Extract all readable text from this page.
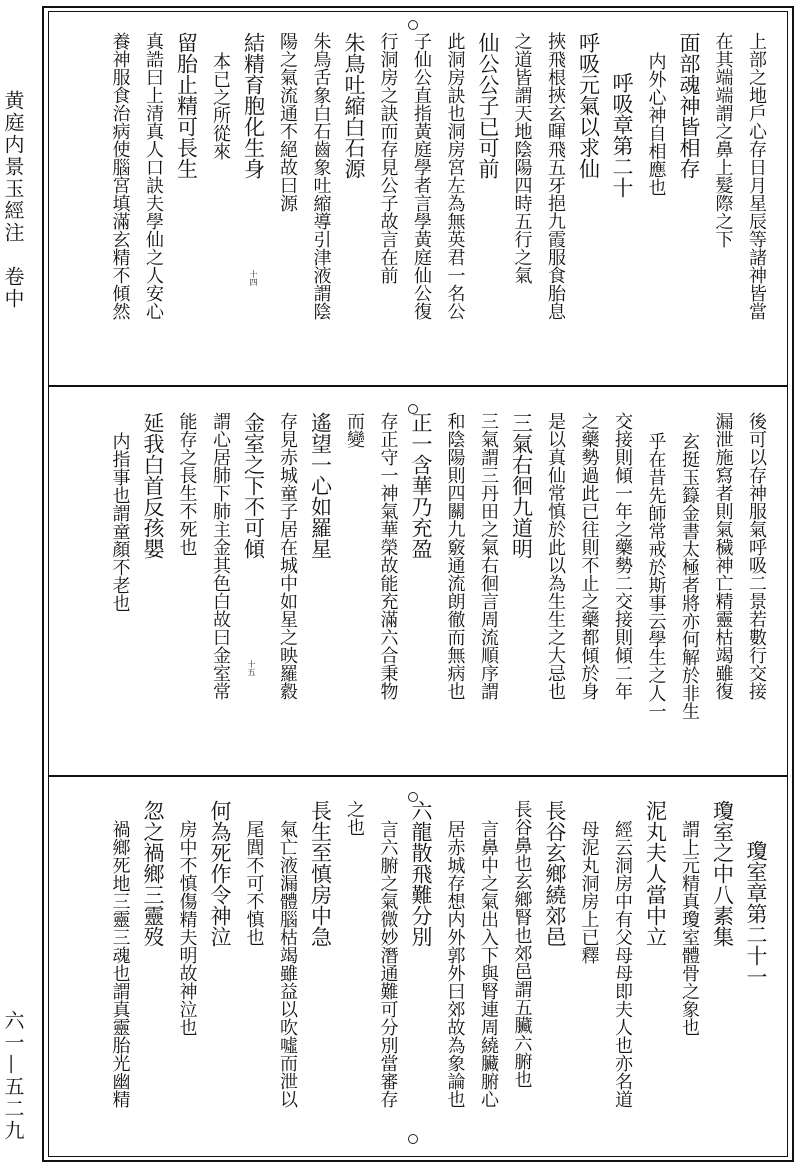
黄庭内景玉經注　卷中
六一—五二九
十四
十五
上部之地戶心存日月星辰等諸神皆當
在其端端謂之鼻上髮際之下
面部魂神皆相存
内外心神自相應也
呼吸章第二十
呼吸元氣以求仙
挾飛根挾玄暉飛五牙挹九霞服食胎息
之道皆謂天地陰陽四時五行之氣
仙公公子已可前
此洞房訣也洞房宮左為無英君一名公
子仙公直指黃庭學者言學黃庭仙公復
行洞房之訣而存見公子故言在前
朱鳥吐縮白石源
朱鳥舌象白石齒象吐縮導引津液謂陰
陽之氣流通不絕故曰源
結精育胞化生身
本已之所從來
留胎止精可長生
真誥曰上清真人口訣夫學仙之人安心
養神服食治病使腦宮填滿玄精不傾然
後可以存神服氣呼吸二景若數行交接
漏泄施寫者則氣穢神亡精靈枯竭雖復
玄挺玉籙金書太極者將亦何解於非生
乎在昔先師常戒於斯事云學生之人一
交接則傾一年之藥勢二交接則傾二年
之藥勢過此已往則不止之藥都傾於身
是以真仙常慎於此以為生生之大忌也
三氣右徊九道明
三氣謂三丹田之氣右徊言周流順序謂
和陰陽則四關九竅通流朗徹而無病也
正一含華乃充盈
存正守一神氣華榮故能充滿六合秉物
而變
遙望一心如羅星
存見赤城童子居在城中如星之映羅縠
金室之下不可傾
謂心居肺下肺主金其色白故曰金室常
能存之長生不死也
延我白首反孩嬰
内指事也謂童顏不老也
瓊室章第二十一
瓊室之中八素集
謂上元精真瓊室體骨之象也
泥丸夫人當中立
經云洞房中有父母母即夫人也亦名道
母泥丸洞房上已釋
長谷玄鄉繞郊邑
長谷鼻也玄鄉腎也郊邑謂五臟六腑也
言鼻中之氣出入下與腎連周繞臟腑心
居赤城存想内外郭外曰郊故為象論也
六龍散飛難分別
言六腑之氣微妙潛通難可分別當審存
之也
長生至慎房中急
氣亡液漏體腦枯竭雖益以吹噓而泄以
尾閭不可不慎也
何為死作令神泣
房中不慎傷精夫明故神泣也
忽之禍鄉三靈歿
禍鄉死地三靈三魂也謂真靈胎光幽精
